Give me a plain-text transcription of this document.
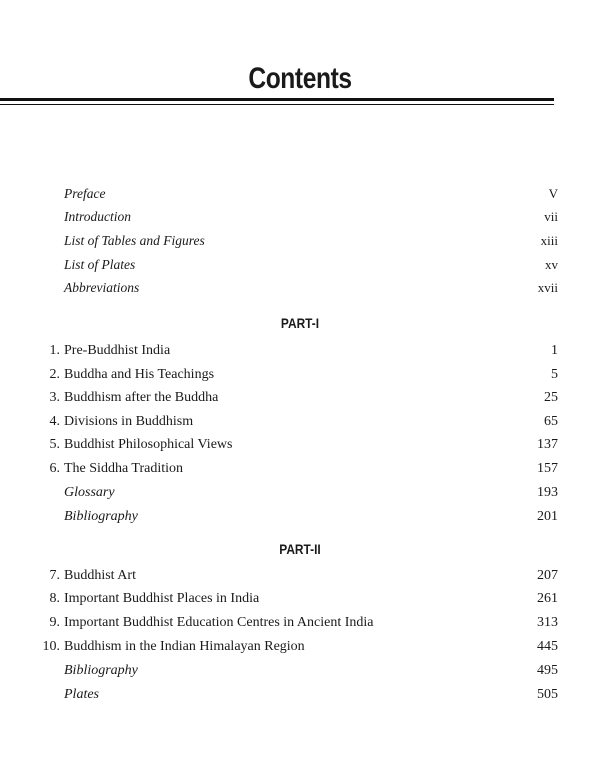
Contents
Preface	V
Introduction	vii
List of Tables and Figures	xiii
List of Plates	xv
Abbreviations	xvii
PART-I
1. Pre-Buddhist India	1
2. Buddha and His Teachings	5
3. Buddhism after the Buddha	25
4. Divisions in Buddhism	65
5. Buddhist Philosophical Views	137
6. The Siddha Tradition	157
Glossary	193
Bibliography	201
PART-II
7. Buddhist Art	207
8. Important Buddhist Places in India	261
9. Important Buddhist Education Centres in Ancient India	313
10. Buddhism in the Indian Himalayan Region	445
Bibliography	495
Plates	505
